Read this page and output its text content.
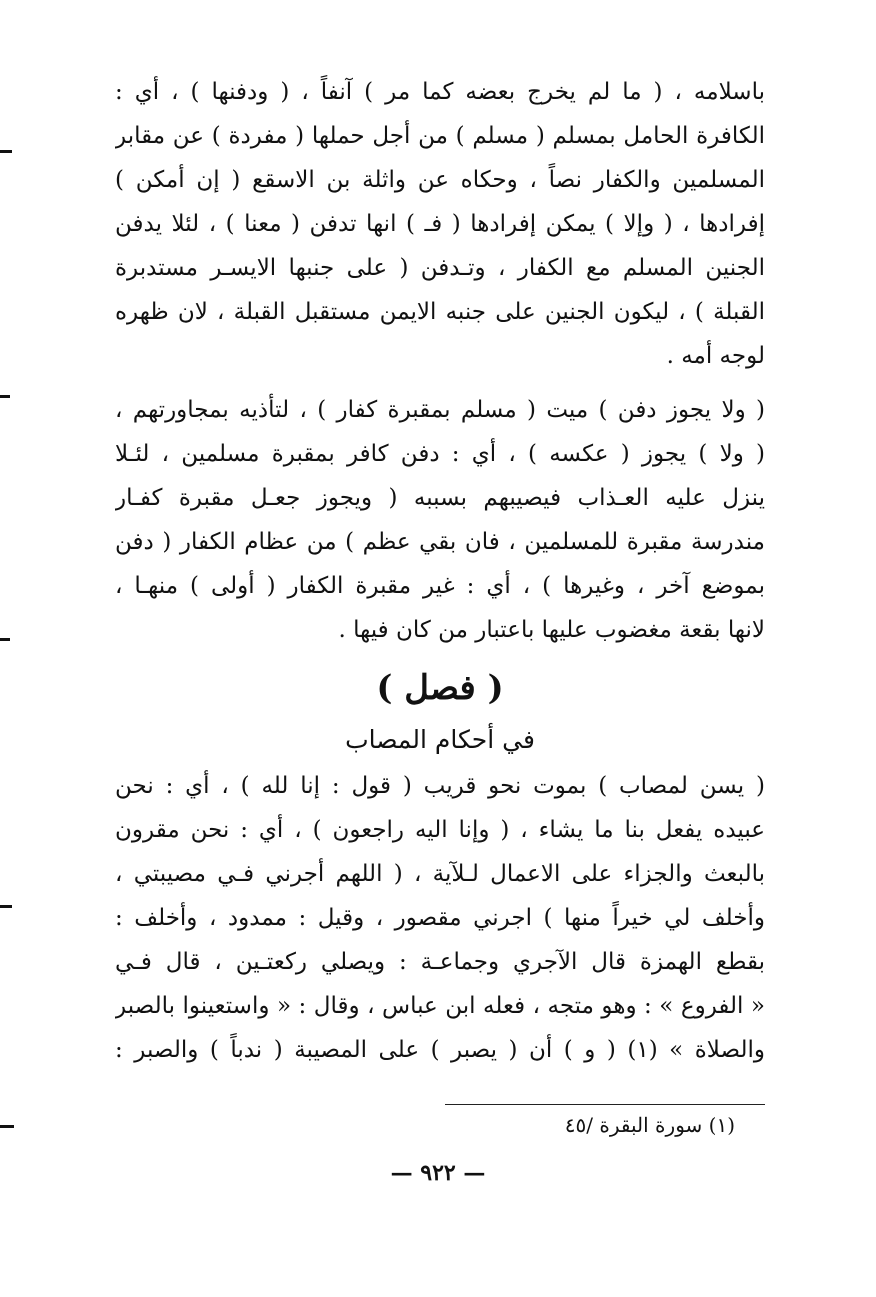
باسلامه ، ( ما لم يخرج بعضه كما مر ) آنفاً ، ( ودفنها ) ، أي :
الكافرة الحامل بمسلم ( مسلم ) من أجل حملها ( مفردة ) عن مقابر
المسلمين والكفار نصاً ، وحكاه عن واثلة بن الاسقع ( إن أمكن )
إفرادها ، ( وإلا ) يمكن إفرادها ( فـ ) انها تدفن ( معنا ) ، لئلا يدفن
الجنين المسلم مع الكفار ، وتـدفن ( على جنبها الايسـر مستدبرة
القبلة ) ، ليكون الجنين على جنبه الايمن مستقبل القبلة ، لان ظهره
لوجه أمه .
( ولا يجوز دفن ) ميت ( مسلم بمقبرة كفار ) ، لتأذيه بمجاورتهم ،
( ولا ) يجوز ( عكسه ) ، أي : دفن كافر بمقبرة مسلمين ، لئـلا
ينزل عليه العـذاب فيصيبهم بسببه ( ويجوز جعـل مقبرة كفـار
مندرسة مقبرة للمسلمين ، فان بقي عظم ) من عظام الكفار ( دفن
بموضع آخر ، وغيرها ) ، أي : غير مقبرة الكفار ( أولى ) منهـا ،
لانها بقعة مغضوب عليها باعتبار من كان فيها .
( فصل )
في أحكام المصاب
( يسن لمصاب ) بموت نحو قريب ( قول : إنا لله ) ، أي : نحن
عبيده يفعل بنا ما يشاء ، ( وإنا اليه راجعون ) ، أي : نحن مقرون
بالبعث والجزاء على الاعمال لـلآية ، ( اللهم أجرني فـي مصيبتي ،
وأخلف لي خيراً منها ) اجرني مقصور ، وقيل : ممدود ، وأخلف :
بقطع الهمزة قال الآجري وجماعـة : ويصلي ركعتـين ، قال فـي
« الفروع » : وهو متجه ، فعله ابن عباس ، وقال : « واستعينوا بالصبر
والصلاة » (١) ( و ) أن ( يصبر ) على المصيبة ( ندباً ) والصبر :
(١) سورة البقرة /٤٥
— ٩٢٢ —
